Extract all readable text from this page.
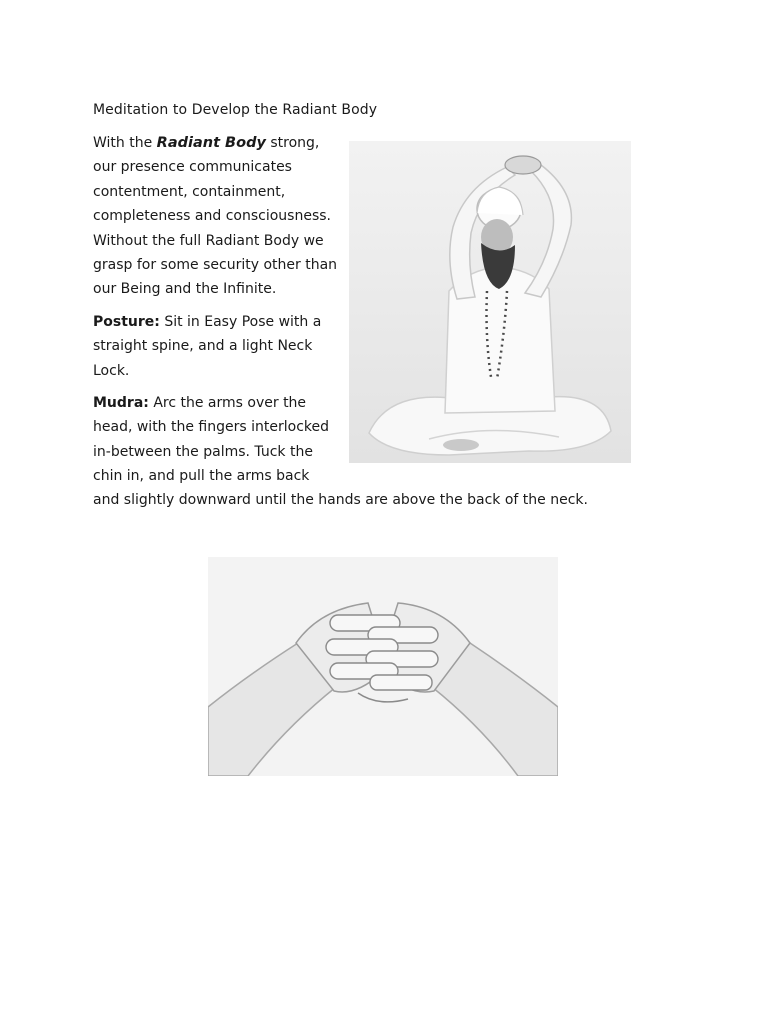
Meditation to Develop the Radiant Body
With the Radiant Body strong,
our presence communicates
contentment, containment,
completeness and consciousness.
Without the full Radiant Body we
grasp for some security other than
our Being and the Infinite.
Posture: Sit in Easy Pose with a
straight spine, and a light Neck
Lock.
Mudra: Arc the arms over the
head, with the fingers interlocked
in-between the palms. Tuck the
chin in, and pull the arms back
and slightly downward until the hands are above the back of the neck.
